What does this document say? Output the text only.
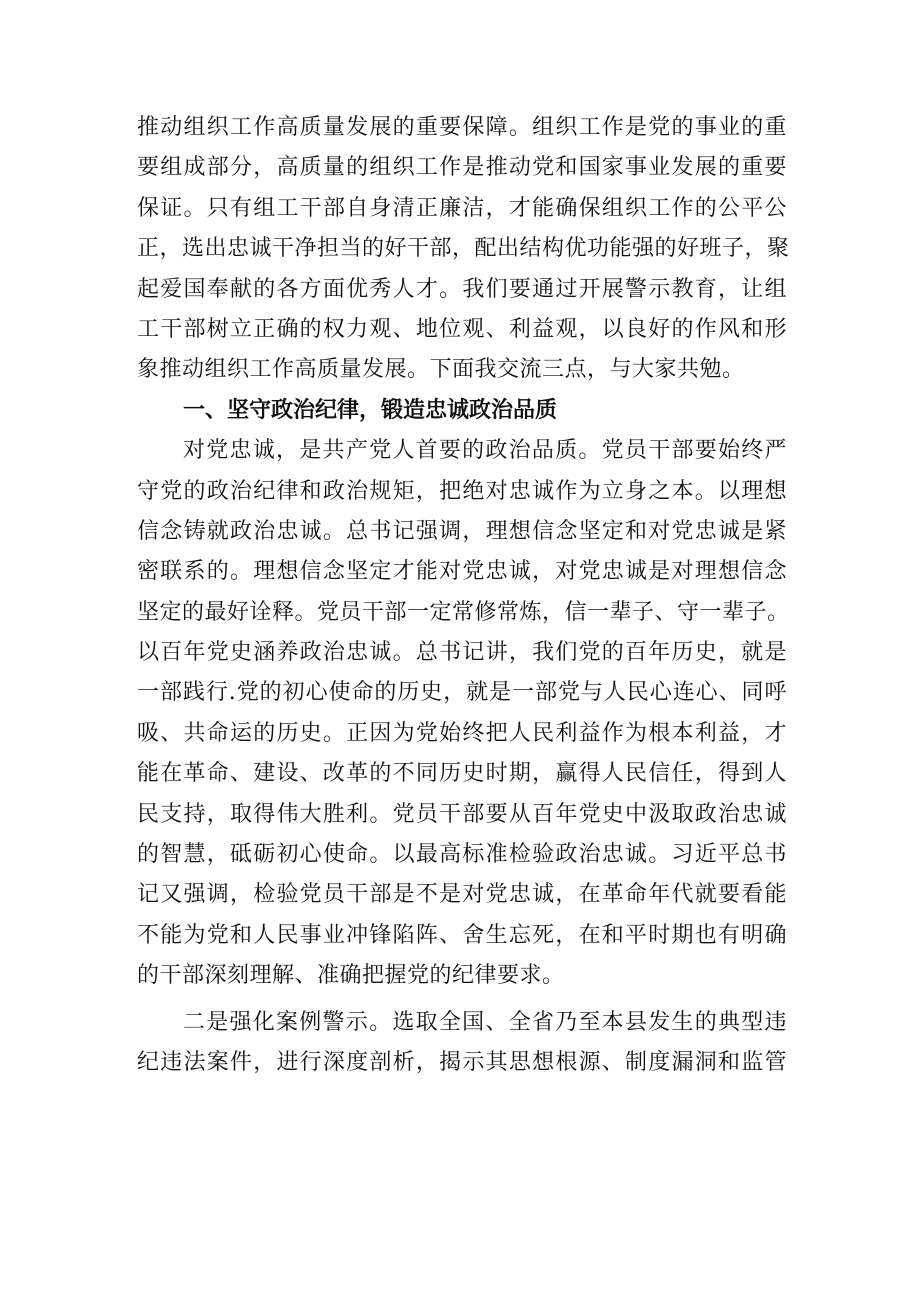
推动组织工作高质量发展的重要保障。组织工作是党的事业的重
要组成部分，高质量的组织工作是推动党和国家事业发展的重要
保证。只有组工干部自身清正廉洁，才能确保组织工作的公平公
正，选出忠诚干净担当的好干部，配出结构优功能强的好班子，聚
起爱国奉献的各方面优秀人才。我们要通过开展警示教育，让组
工干部树立正确的权力观、地位观、利益观，以良好的作风和形
象推动组织工作高质量发展。下面我交流三点，与大家共勉。
一、坚守政治纪律，锻造忠诚政治品质
对党忠诚，是共产党人首要的政治品质。党员干部要始终严
守党的政治纪律和政治规矩，把绝对忠诚作为立身之本。以理想
信念铸就政治忠诚。总书记强调，理想信念坚定和对党忠诚是紧
密联系的。理想信念坚定才能对党忠诚，对党忠诚是对理想信念
坚定的最好诠释。党员干部一定常修常炼，信一辈子、守一辈子。
以百年党史涵养政治忠诚。总书记讲，我们党的百年历史，就是
一部践行.党的初心使命的历史，就是一部党与人民心连心、同呼
吸、共命运的历史。正因为党始终把人民利益作为根本利益，才
能在革命、建设、改革的不同历史时期，赢得人民信任，得到人
民支持，取得伟大胜利。党员干部要从百年党史中汲取政治忠诚
的智慧，砥砺初心使命。以最高标准检验政治忠诚。习近平总书
记又强调，检验党员干部是不是对党忠诚，在革命年代就要看能
不能为党和人民事业冲锋陷阵、舍生忘死，在和平时期也有明确
的干部深刻理解、准确把握党的纪律要求。
二是强化案例警示。选取全国、全省乃至本县发生的典型违
纪违法案件，进行深度剖析，揭示其思想根源、制度漏洞和监管
